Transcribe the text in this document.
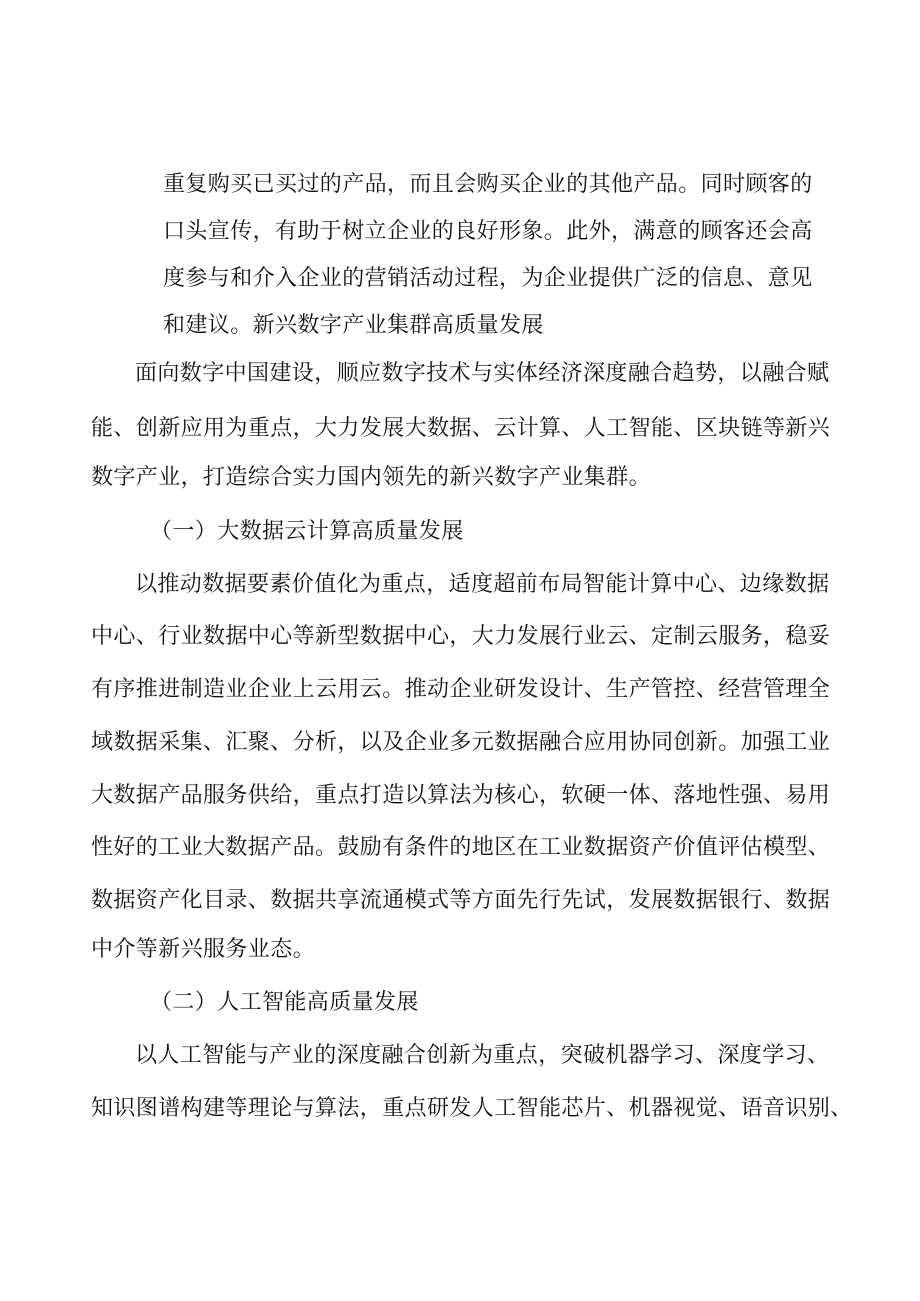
重复购买已买过的产品，而且会购买企业的其他产品。同时顾客的
口头宣传，有助于树立企业的良好形象。此外，满意的顾客还会高
度参与和介入企业的营销活动过程，为企业提供广泛的信息、意见
和建议。新兴数字产业集群高质量发展
面向数字中国建设，顺应数字技术与实体经济深度融合趋势，以融合赋
能、创新应用为重点，大力发展大数据、云计算、人工智能、区块链等新兴
数字产业，打造综合实力国内领先的新兴数字产业集群。
（一）大数据云计算高质量发展
以推动数据要素价值化为重点，适度超前布局智能计算中心、边缘数据
中心、行业数据中心等新型数据中心，大力发展行业云、定制云服务，稳妥
有序推进制造业企业上云用云。推动企业研发设计、生产管控、经营管理全
域数据采集、汇聚、分析，以及企业多元数据融合应用协同创新。加强工业
大数据产品服务供给，重点打造以算法为核心，软硬一体、落地性强、易用
性好的工业大数据产品。鼓励有条件的地区在工业数据资产价值评估模型、
数据资产化目录、数据共享流通模式等方面先行先试，发展数据银行、数据
中介等新兴服务业态。
（二）人工智能高质量发展
以人工智能与产业的深度融合创新为重点，突破机器学习、深度学习、
知识图谱构建等理论与算法，重点研发人工智能芯片、机器视觉、语音识别、
